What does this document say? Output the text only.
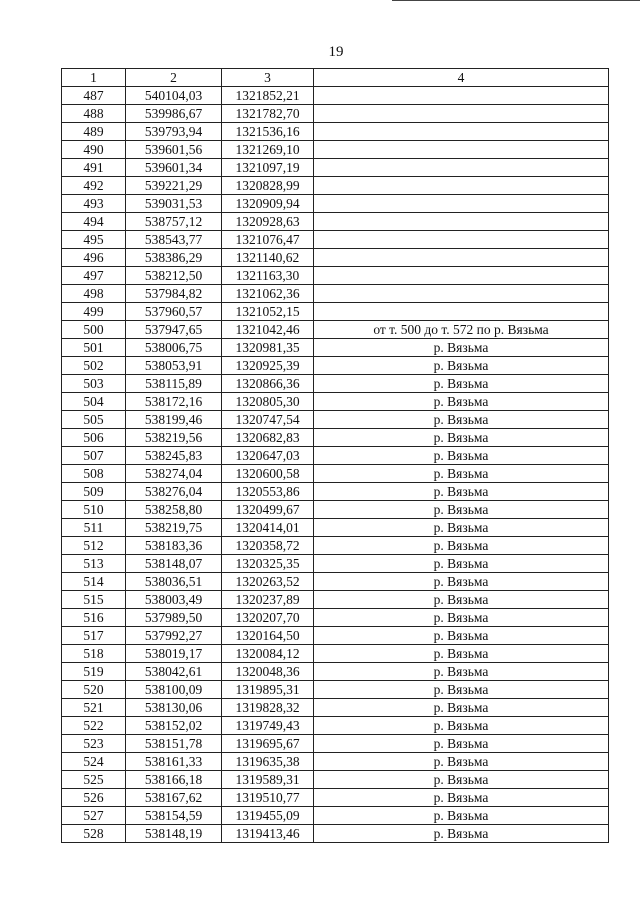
19
1	2	3	4
487	540104,03	1321852,21	
488	539986,67	1321782,70	
489	539793,94	1321536,16	
490	539601,56	1321269,10	
491	539601,34	1321097,19	
492	539221,29	1320828,99	
493	539031,53	1320909,94	
494	538757,12	1320928,63	
495	538543,77	1321076,47	
496	538386,29	1321140,62	
497	538212,50	1321163,30	
498	537984,82	1321062,36	
499	537960,57	1321052,15	
500	537947,65	1321042,46	от т. 500 до т. 572 по р. Вязьма
501	538006,75	1320981,35	р. Вязьма
502	538053,91	1320925,39	р. Вязьма
503	538115,89	1320866,36	р. Вязьма
504	538172,16	1320805,30	р. Вязьма
505	538199,46	1320747,54	р. Вязьма
506	538219,56	1320682,83	р. Вязьма
507	538245,83	1320647,03	р. Вязьма
508	538274,04	1320600,58	р. Вязьма
509	538276,04	1320553,86	р. Вязьма
510	538258,80	1320499,67	р. Вязьма
511	538219,75	1320414,01	р. Вязьма
512	538183,36	1320358,72	р. Вязьма
513	538148,07	1320325,35	р. Вязьма
514	538036,51	1320263,52	р. Вязьма
515	538003,49	1320237,89	р. Вязьма
516	537989,50	1320207,70	р. Вязьма
517	537992,27	1320164,50	р. Вязьма
518	538019,17	1320084,12	р. Вязьма
519	538042,61	1320048,36	р. Вязьма
520	538100,09	1319895,31	р. Вязьма
521	538130,06	1319828,32	р. Вязьма
522	538152,02	1319749,43	р. Вязьма
523	538151,78	1319695,67	р. Вязьма
524	538161,33	1319635,38	р. Вязьма
525	538166,18	1319589,31	р. Вязьма
526	538167,62	1319510,77	р. Вязьма
527	538154,59	1319455,09	р. Вязьма
528	538148,19	1319413,46	р. Вязьма
